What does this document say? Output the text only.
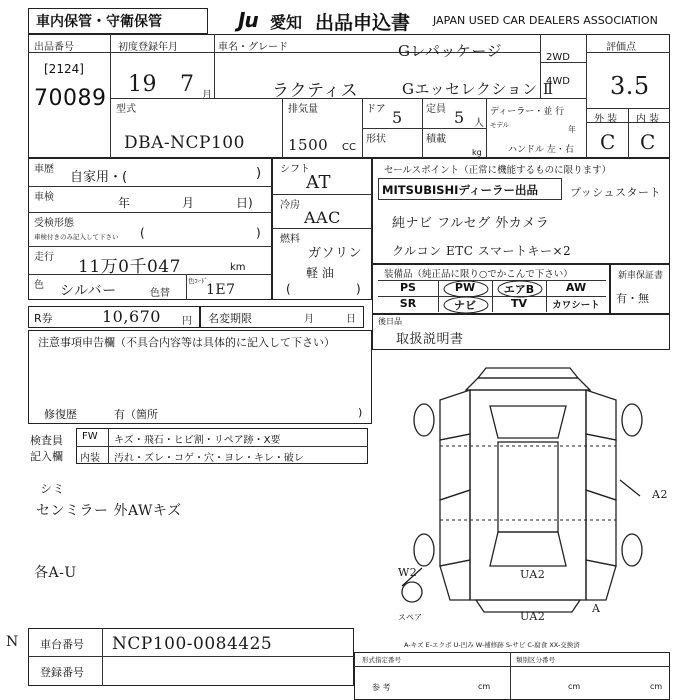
車内保管・守衛保管	Ju 愛知 出品申込書 JAPAN USED CAR DEALERS ASSOCIATION
出品番号
[2124]
70089
初度登録年月
19 7 月
車名・グレード	Gレパッケージ
ラクティス	Gエッセレクション Ⅱ
2WD
4WD
評価点
3.5
外 装 内 装
C C
型式
DBA-NCP100
排気量
1500 CC
ドア 5 定員 5 人
形状	積載
kg
ディーラー・並 行
モデル	年
ハンドル 左・右
車歴
自家用・(	)
車検	年	月	日)
受検形態
車検付きのみ記入して下さい (	)
走行 11万0千047	km
色 シルバー	色替
色ｺｰﾄﾞ
1E7
シフト
AT
冷房
AAC
燃料
ガソリン
軽 油
(	)
セールスポイント（正常に機能するものに限ります）
MITSUBISHIディーラー出品	プッシュスタート
純ナビ フルセグ 外カメラ
クルコン ETC スマートキー×2
装備品（純正品に限り○でかこんで下さい）
PS	PW	エアB	AW
SR	ナビ	TV	カワシート
新車保証書
有・無
R券	10,670 円 名変期限	月	日
注意事項申告欄（不具合内容等は具体的に記入して下さい）
修復歴	有（箇所	)
後日品
取扱説明書
検査員
記入欄
FW キズ・飛石・ヒビ割・リペア跡・X要
内装 汚れ・ズレ・コゲ・穴・ヨレ・キレ・破レ
シミ
センミラー 外AWキズ
各A-U
A2
W2	UA2
UA2
A
スペア
A-キズ E-エクボ U-凹み W-補修跡 S-サビ C-腐食 XX-交換済
N 車台番号 NCP100-0084425
登録番号
形式指定番号	類別区分番号
参 考	cm	cm	cm
